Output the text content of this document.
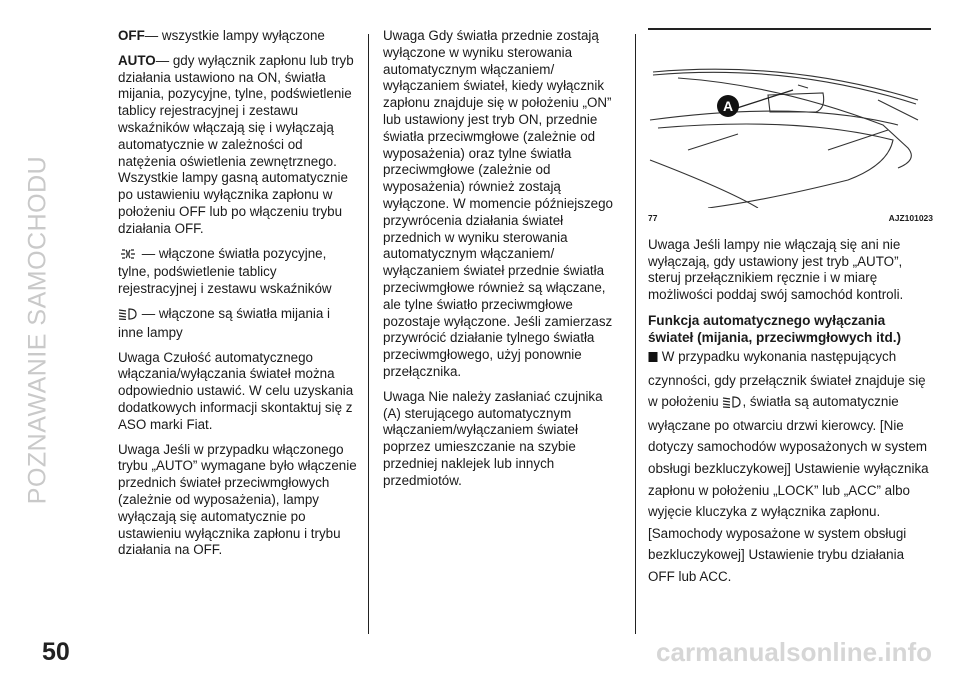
POZNAWANIE SAMOCHODU
50	carmanualsonline.info

OFF— wszystkie lampy wyłączone

AUTO— gdy wyłącznik zapłonu lub tryb działania ustawiono na ON, światła mijania, pozycyjne, tylne, podświetlenie tablicy rejestracyjnej i zestawu wskaźników włączają się i wyłączają automatycznie w zależności od natężenia oświetlenia zewnętrznego. Wszystkie lampy gasną automatycznie po ustawieniu wyłącznika zapłonu w położeniu OFF lub po włączeniu trybu działania OFF.

— włączone światła pozycyjne, tylne, podświetlenie tablicy rejestracyjnej i zestawu wskaźników

— włączone są światła mijania i inne lampy

Uwaga Czułość automatycznego włączania/wyłączania świateł można odpowiednio ustawić. W celu uzyskania dodatkowych informacji skontaktuj się z ASO marki Fiat.

Uwaga Jeśli w przypadku włączonego trybu „AUTO” wymagane było włączenie przednich świateł przeciwmgłowych (zależnie od wyposażenia), lampy wyłączają się automatycznie po ustawieniu wyłącznika zapłonu i trybu działania na OFF.

Uwaga Gdy światła przednie zostają wyłączone w wyniku sterowania automatycznym włączaniem/ wyłączaniem świateł, kiedy wyłącznik zapłonu znajduje się w położeniu „ON” lub ustawiony jest tryb ON, przednie światła przeciwmgłowe (zależnie od wyposażenia) oraz tylne światła przeciwmgłowe (zależnie od wyposażenia) również zostają wyłączone. W momencie późniejszego przywrócenia działania świateł przednich w wyniku sterowania automatycznym włączaniem/ wyłączaniem świateł przednie światła przeciwmgłowe również są włączane, ale tylne światło przeciwmgłowe pozostaje wyłączone. Jeśli zamierzasz przywrócić działanie tylnego światła przeciwmgłowego, użyj ponownie przełącznika.

Uwaga Nie należy zasłaniać czujnika (A) sterującego automatycznym włączaniem/wyłączaniem świateł poprzez umieszczanie na szybie przedniej naklejek lub innych przedmiotów.

A
77	AJZ101023

Uwaga Jeśli lampy nie włączają się ani nie wyłączają, gdy ustawiony jest tryb „AUTO”, steruj przełącznikiem ręcznie i w miarę możliwości poddaj swój samochód kontroli.

Funkcja automatycznego wyłączania świateł (mijania, przeciwmgłowych itd.)
W przypadku wykonania następujących czynności, gdy przełącznik świateł znajduje się w położeniu , światła są automatycznie wyłączane po otwarciu drzwi kierowcy. [Nie dotyczy samochodów wyposażonych w system obsługi bezkluczykowej] Ustawienie wyłącznika zapłonu w położeniu „LOCK” lub „ACC” albo wyjęcie kluczyka z wyłącznika zapłonu. [Samochody wyposażone w system obsługi bezkluczykowej] Ustawienie trybu działania OFF lub ACC.
